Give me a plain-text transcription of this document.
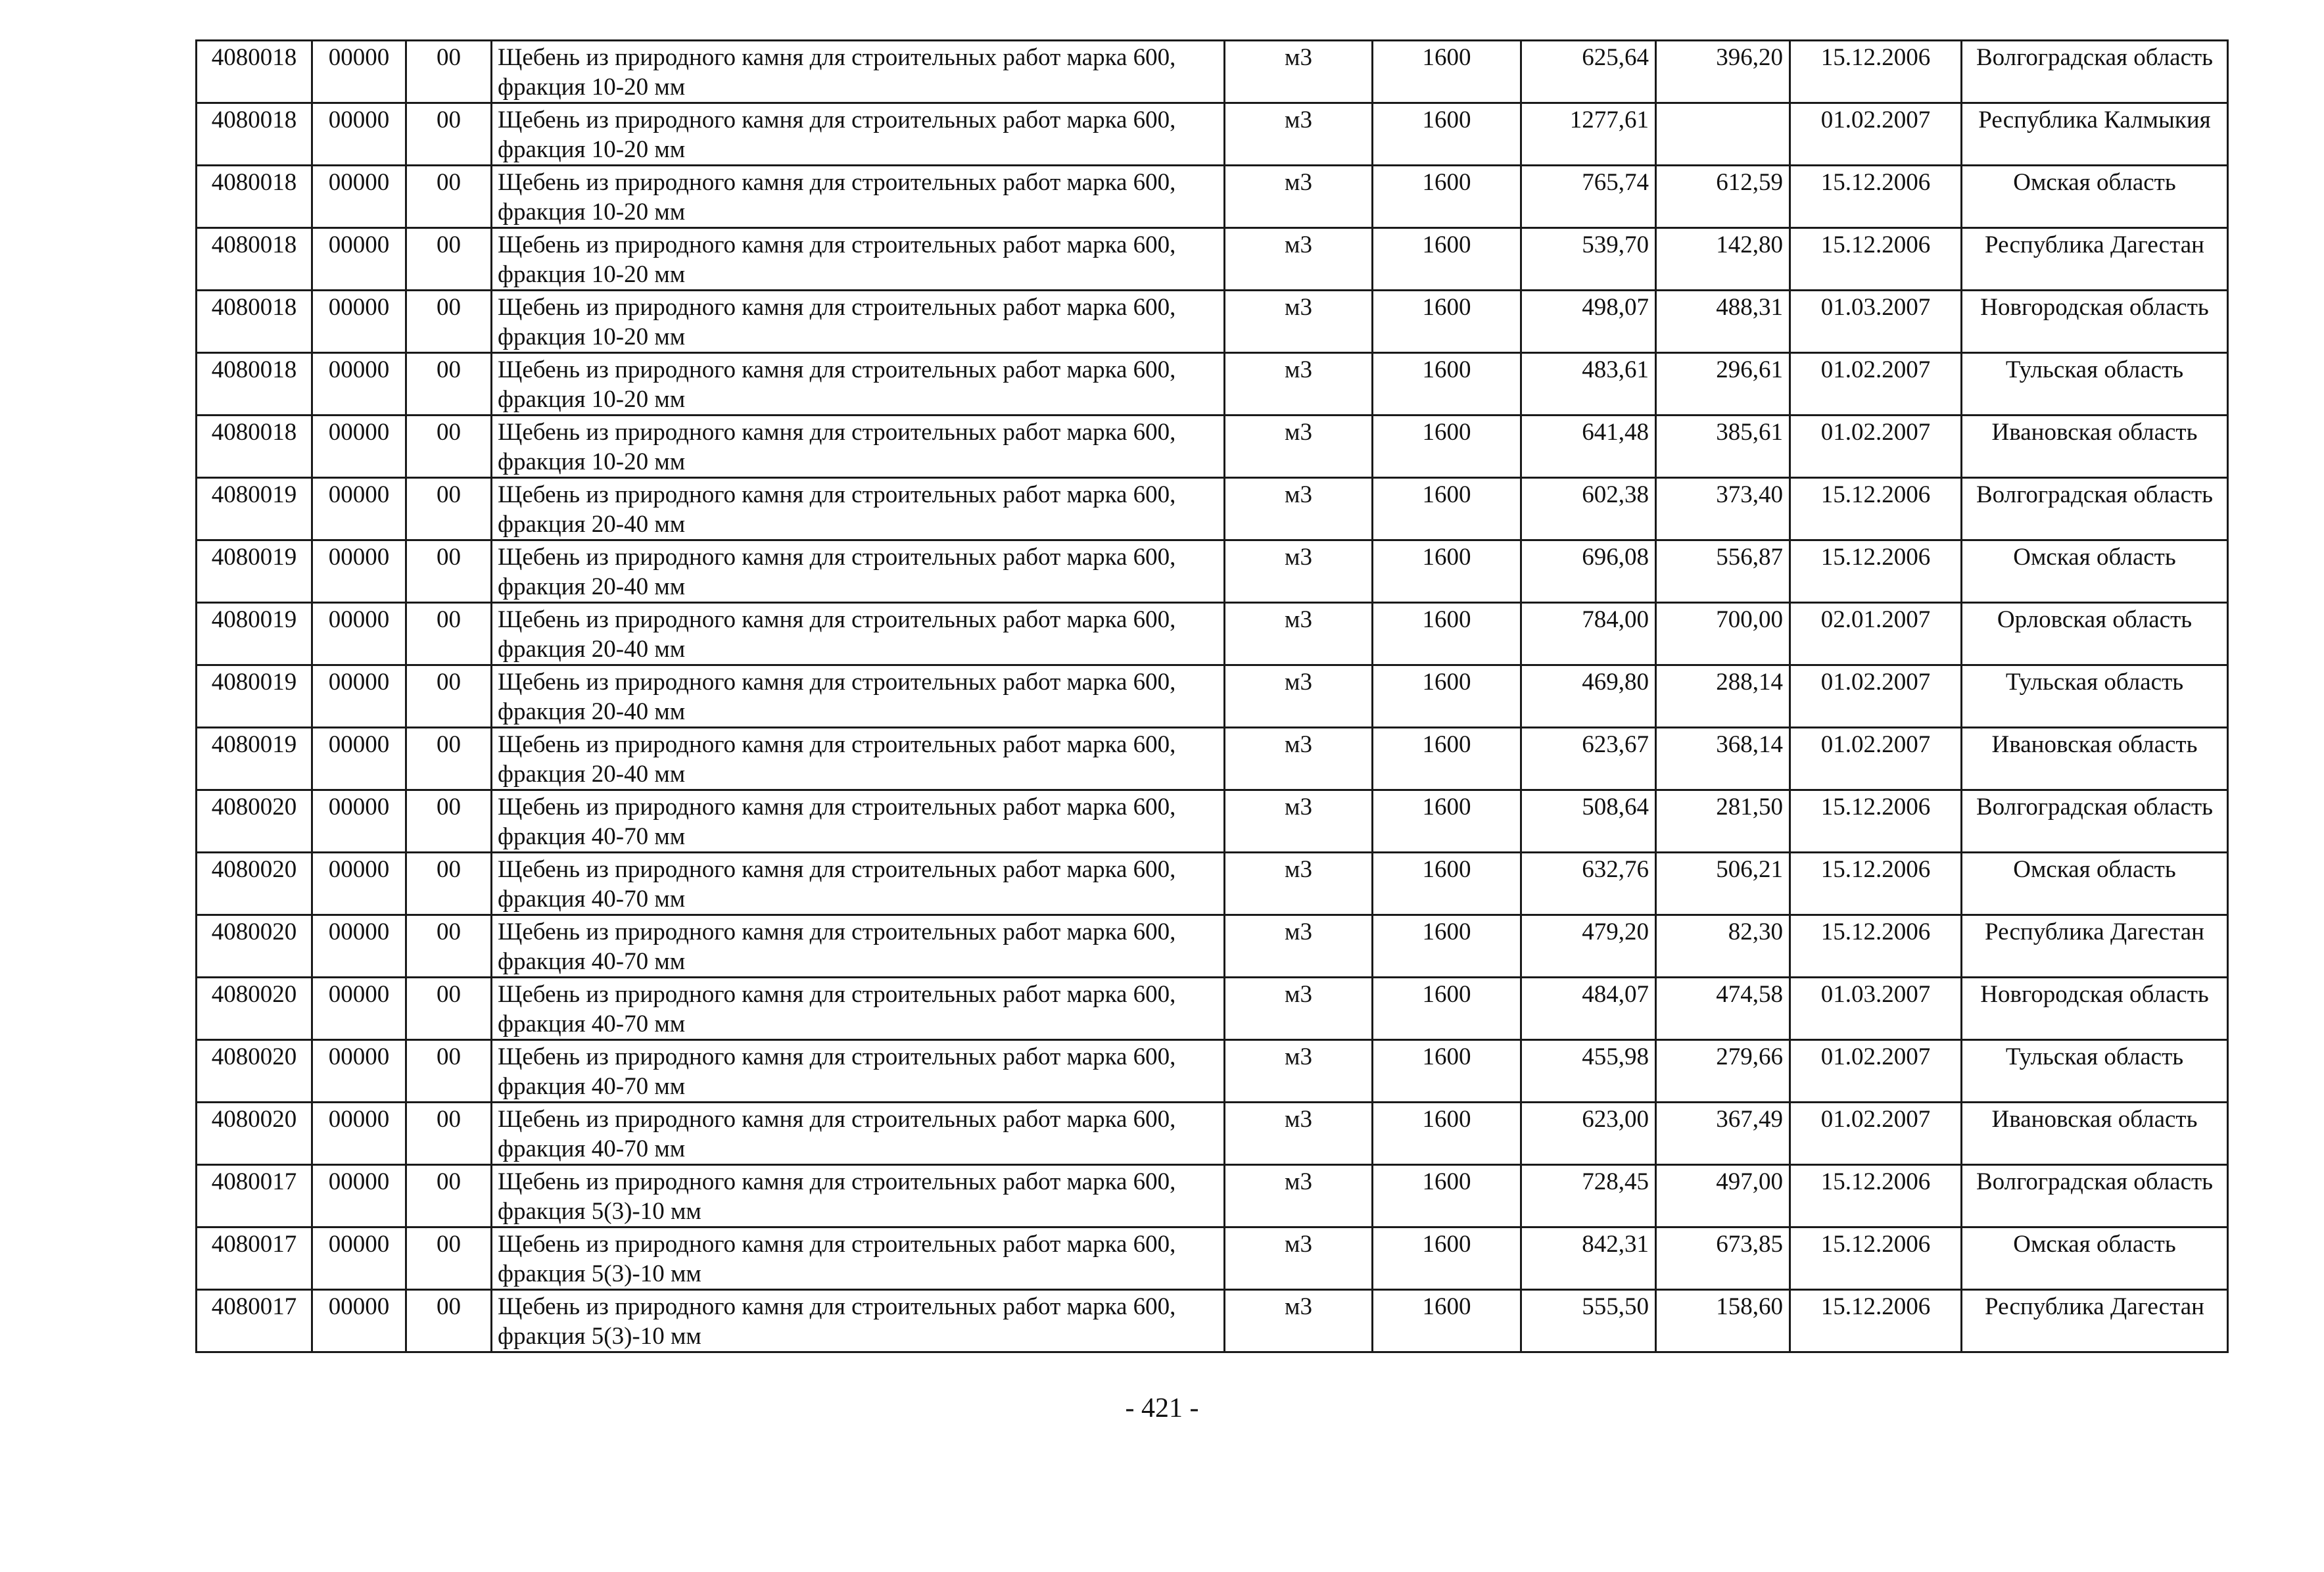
4080018	00000	00	Щебень из природного камня для строительных работ марка 600, фракция 10-20 мм	м3	1600	625,64	396,20	15.12.2006	Волгоградская область
4080018	00000	00	Щебень из природного камня для строительных работ марка 600, фракция 10-20 мм	м3	1600	1277,61		01.02.2007	Республика Калмыкия
4080018	00000	00	Щебень из природного камня для строительных работ марка 600, фракция 10-20 мм	м3	1600	765,74	612,59	15.12.2006	Омская область
4080018	00000	00	Щебень из природного камня для строительных работ марка 600, фракция 10-20 мм	м3	1600	539,70	142,80	15.12.2006	Республика Дагестан
4080018	00000	00	Щебень из природного камня для строительных работ марка 600, фракция 10-20 мм	м3	1600	498,07	488,31	01.03.2007	Новгородская область
4080018	00000	00	Щебень из природного камня для строительных работ марка 600, фракция 10-20 мм	м3	1600	483,61	296,61	01.02.2007	Тульская область
4080018	00000	00	Щебень из природного камня для строительных работ марка 600, фракция 10-20 мм	м3	1600	641,48	385,61	01.02.2007	Ивановская область
4080019	00000	00	Щебень из природного камня для строительных работ марка 600, фракция 20-40 мм	м3	1600	602,38	373,40	15.12.2006	Волгоградская область
4080019	00000	00	Щебень из природного камня для строительных работ марка 600, фракция 20-40 мм	м3	1600	696,08	556,87	15.12.2006	Омская область
4080019	00000	00	Щебень из природного камня для строительных работ марка 600, фракция 20-40 мм	м3	1600	784,00	700,00	02.01.2007	Орловская область
4080019	00000	00	Щебень из природного камня для строительных работ марка 600, фракция 20-40 мм	м3	1600	469,80	288,14	01.02.2007	Тульская область
4080019	00000	00	Щебень из природного камня для строительных работ марка 600, фракция 20-40 мм	м3	1600	623,67	368,14	01.02.2007	Ивановская область
4080020	00000	00	Щебень из природного камня для строительных работ марка 600, фракция 40-70 мм	м3	1600	508,64	281,50	15.12.2006	Волгоградская область
4080020	00000	00	Щебень из природного камня для строительных работ марка 600, фракция 40-70 мм	м3	1600	632,76	506,21	15.12.2006	Омская область
4080020	00000	00	Щебень из природного камня для строительных работ марка 600, фракция 40-70 мм	м3	1600	479,20	82,30	15.12.2006	Республика Дагестан
4080020	00000	00	Щебень из природного камня для строительных работ марка 600, фракция 40-70 мм	м3	1600	484,07	474,58	01.03.2007	Новгородская область
4080020	00000	00	Щебень из природного камня для строительных работ марка 600, фракция 40-70 мм	м3	1600	455,98	279,66	01.02.2007	Тульская область
4080020	00000	00	Щебень из природного камня для строительных работ марка 600, фракция 40-70 мм	м3	1600	623,00	367,49	01.02.2007	Ивановская область
4080017	00000	00	Щебень из природного камня для строительных работ марка 600, фракция 5(3)-10 мм	м3	1600	728,45	497,00	15.12.2006	Волгоградская область
4080017	00000	00	Щебень из природного камня для строительных работ марка 600, фракция 5(3)-10 мм	м3	1600	842,31	673,85	15.12.2006	Омская область
4080017	00000	00	Щебень из природного камня для строительных работ марка 600, фракция 5(3)-10 мм	м3	1600	555,50	158,60	15.12.2006	Республика Дагестан
- 421 -
